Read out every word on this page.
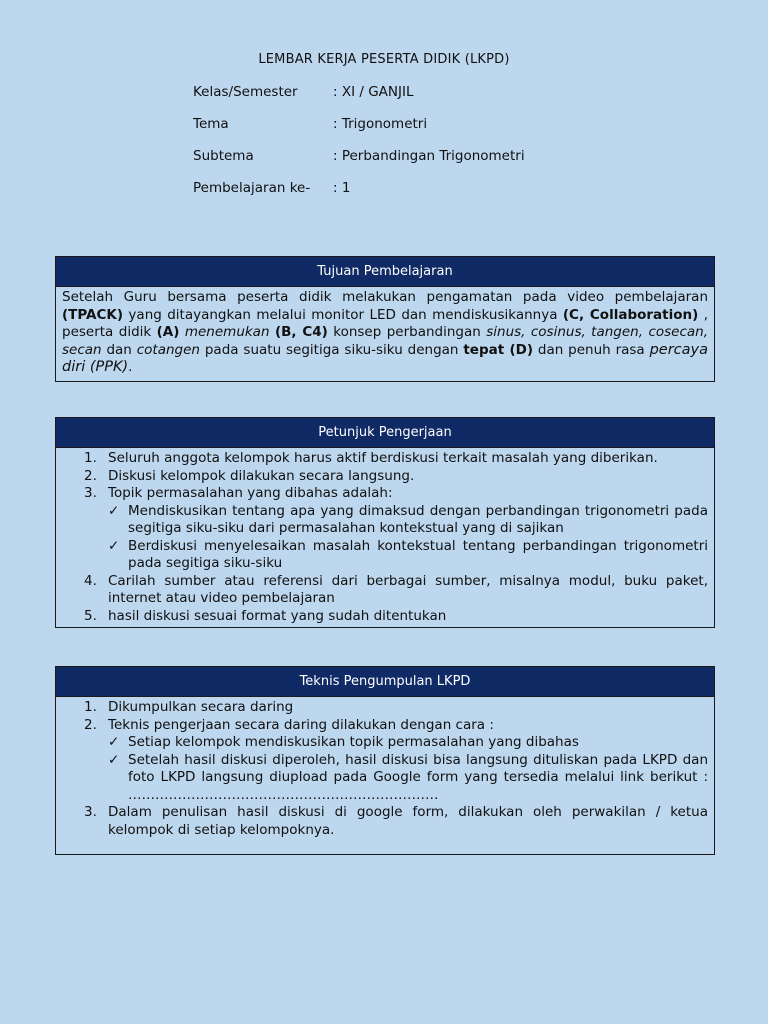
LEMBAR KERJA PESERTA DIDIK (LKPD)
Kelas/Semester	: XI / GANJIL
Tema	: Trigonometri
Subtema	: Perbandingan Trigonometri
Pembelajaran ke-	: 1
Tujuan Pembelajaran
Setelah Guru bersama peserta didik melakukan pengamatan pada video pembelajaran (TPACK) yang ditayangkan melalui monitor LED dan mendiskusikannya (C, Collaboration) , peserta didik (A) menemukan (B, C4) konsep perbandingan sinus, cosinus, tangen, cosecan, secan dan cotangen pada suatu segitiga siku-siku dengan tepat (D) dan penuh rasa percaya diri (PPK).
Petunjuk Pengerjaan
1. Seluruh anggota kelompok harus aktif berdiskusi terkait masalah yang diberikan.
2. Diskusi kelompok dilakukan secara langsung.
3. Topik permasalahan yang dibahas adalah:
✓ Mendiskusikan tentang apa yang dimaksud dengan perbandingan trigonometri pada segitiga siku-siku dari permasalahan kontekstual yang di sajikan
✓ Berdiskusi menyelesaikan masalah kontekstual tentang perbandingan trigonometri pada segitiga siku-siku
4. Carilah sumber atau referensi dari berbagai sumber, misalnya modul, buku paket, internet atau video pembelajaran
5. hasil diskusi sesuai format yang sudah ditentukan
Teknis Pengumpulan LKPD
1. Dikumpulkan secara daring
2. Teknis pengerjaan secara daring dilakukan dengan cara :
✓ Setiap kelompok mendiskusikan topik permasalahan yang dibahas
✓ Setelah hasil diskusi diperoleh, hasil diskusi bisa langsung dituliskan pada LKPD dan foto LKPD langsung diupload pada Google form yang tersedia melalui link berikut : ……………………………………………………………
3. Dalam penulisan hasil diskusi di google form, dilakukan oleh perwakilan / ketua kelompok di setiap kelompoknya.
